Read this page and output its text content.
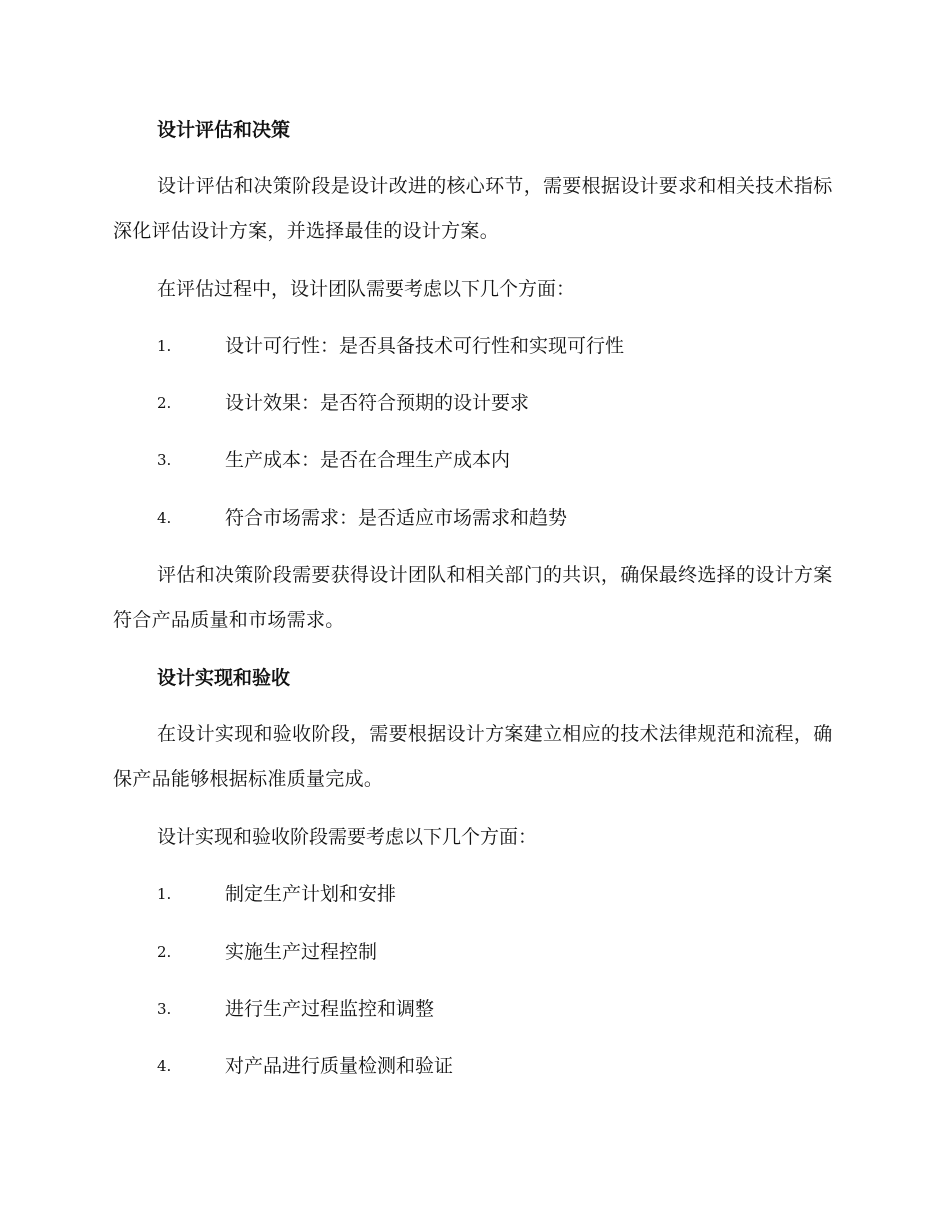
设计评估和决策
设计评估和决策阶段是设计改进的核心环节，需要根据设计要求和相关技术指标深化评估设计方案，并选择最佳的设计方案。
在评估过程中，设计团队需要考虑以下几个方面：
1.	设计可行性：是否具备技术可行性和实现可行性
2.	设计效果：是否符合预期的设计要求
3.	生产成本：是否在合理生产成本内
4.	符合市场需求：是否适应市场需求和趋势
评估和决策阶段需要获得设计团队和相关部门的共识，确保最终选择的设计方案符合产品质量和市场需求。
设计实现和验收
在设计实现和验收阶段，需要根据设计方案建立相应的技术法律规范和流程，确保产品能够根据标准质量完成。
设计实现和验收阶段需要考虑以下几个方面：
1.	制定生产计划和安排
2.	实施生产过程控制
3.	进行生产过程监控和调整
4.	对产品进行质量检测和验证
